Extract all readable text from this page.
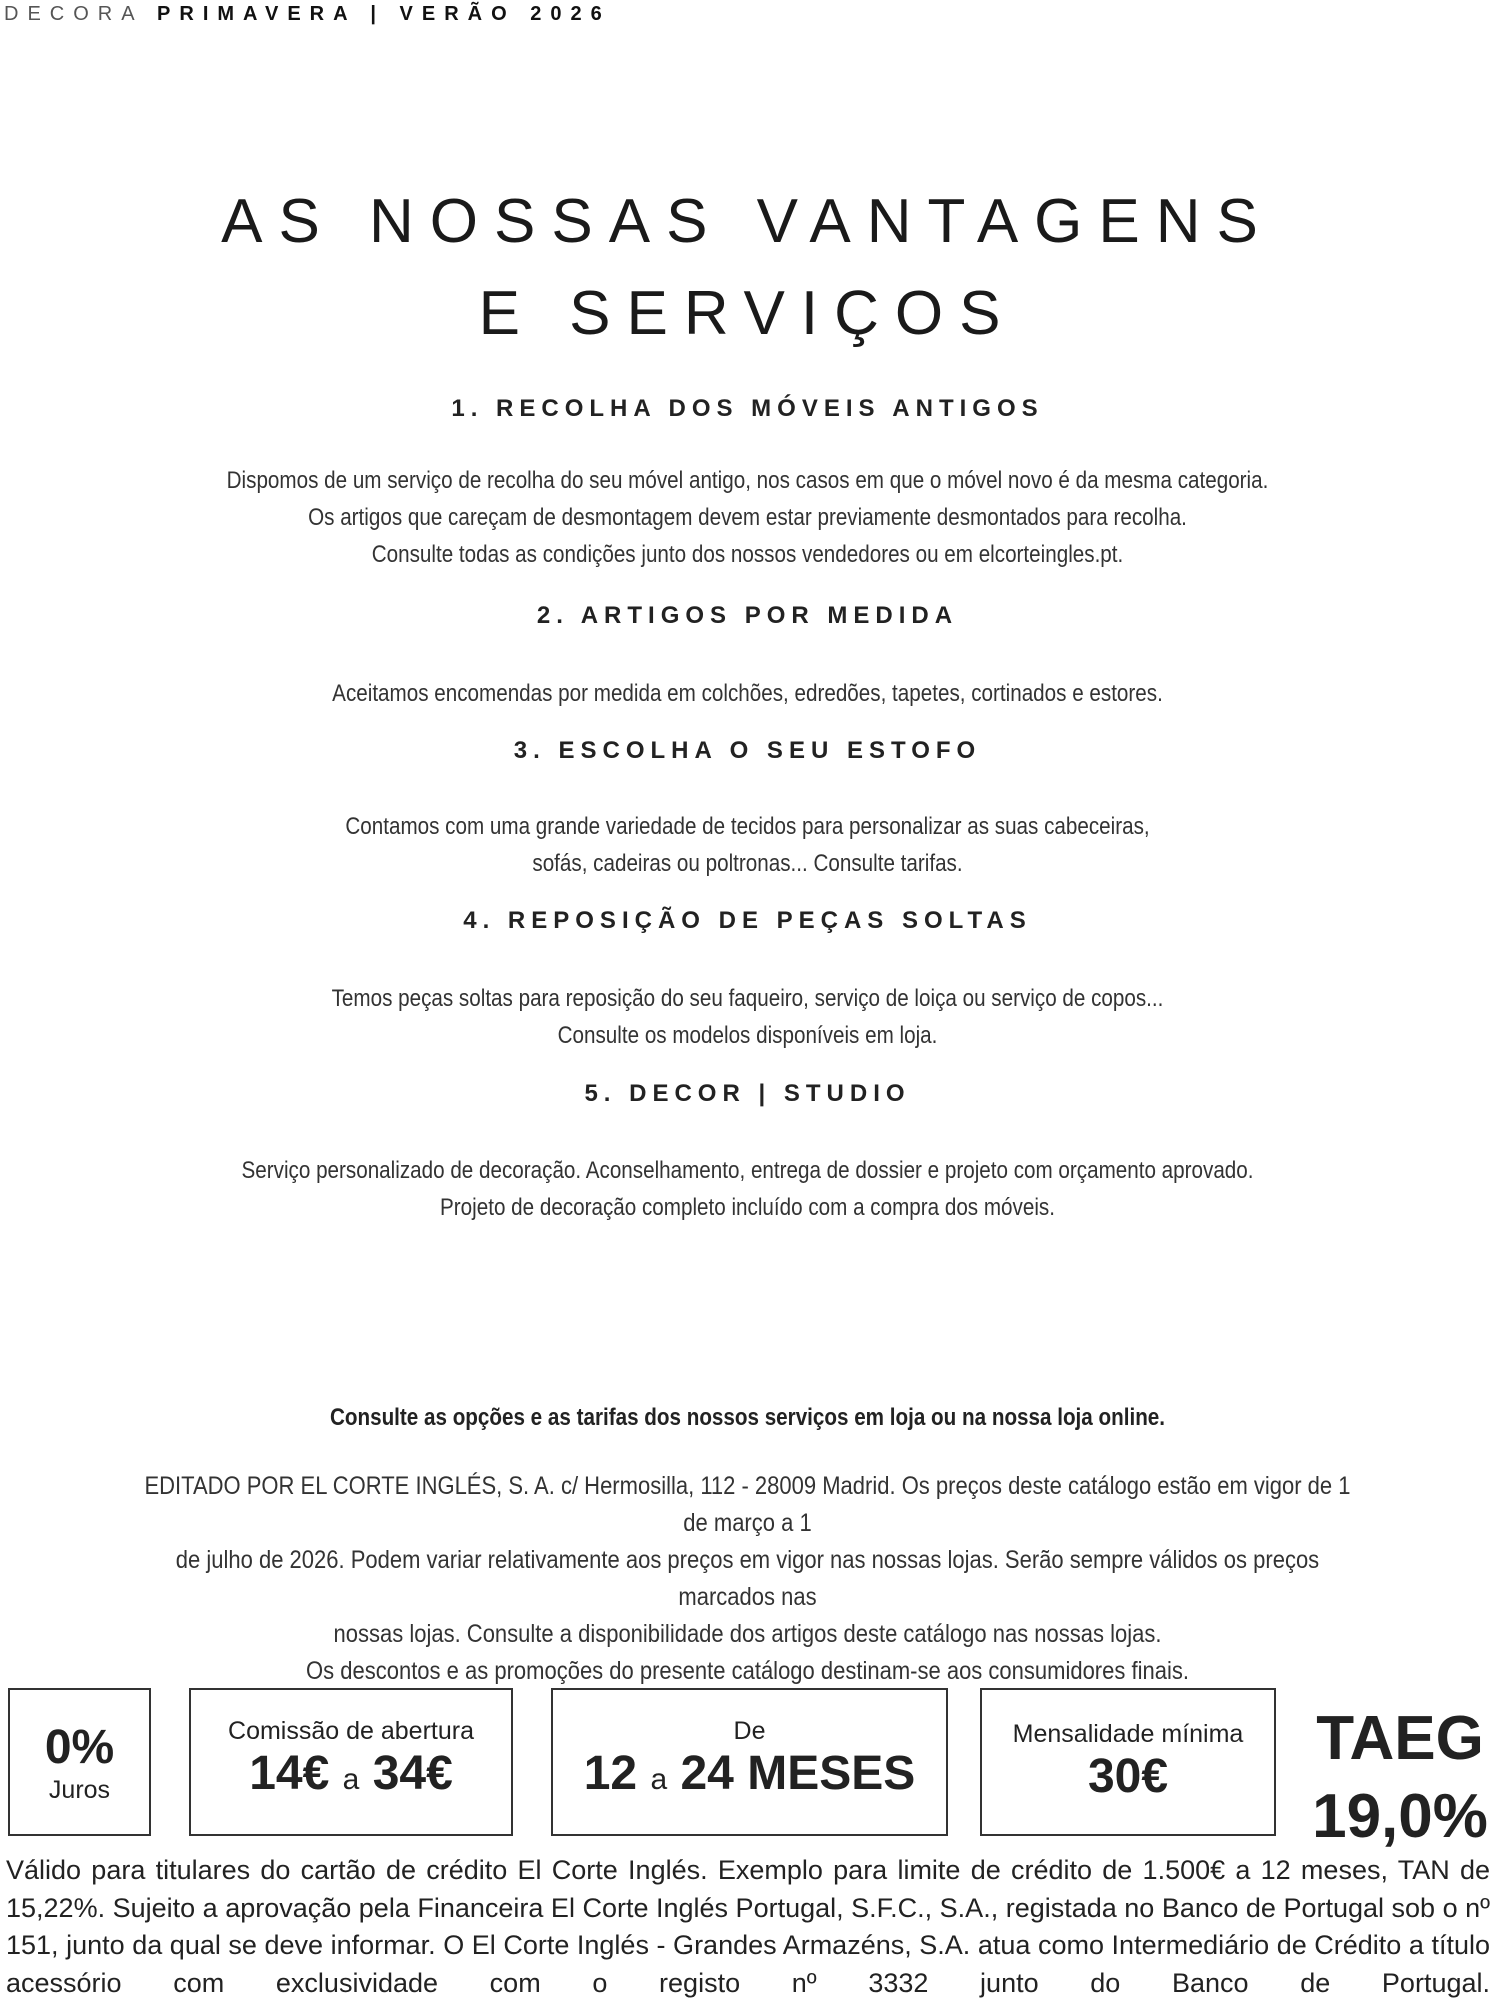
DECORA PRIMAVERA | VERÃO 2026
AS NOSSAS VANTAGENS
E SERVIÇOS
1. RECOLHA DOS MÓVEIS ANTIGOS

Dispomos de um serviço de recolha do seu móvel antigo, nos casos em que o móvel novo é da mesma categoria.

Os artigos que careçam de desmontagem devem estar previamente desmontados para recolha.

Consulte todas as condições junto dos nossos vendedores ou em elcorteingles.pt.

2. ARTIGOS POR MEDIDA

Aceitamos encomendas por medida em colchões, edredões, tapetes, cortinados e estores.

3. ESCOLHA O SEU ESTOFO

Contamos com uma grande variedade de tecidos para personalizar as suas cabeceiras,

sofás, cadeiras ou poltronas... Consulte tarifas.

4. REPOSIÇÃO DE PEÇAS SOLTAS

Temos peças soltas para reposição do seu faqueiro, serviço de loiça ou serviço de copos...

Consulte os modelos disponíveis em loja.

5. DECOR | STUDIO

Serviço personalizado de decoração. Aconselhamento, entrega de dossier e projeto com orçamento aprovado.

Projeto de decoração completo incluído com a compra dos móveis.

Consulte as opções e as tarifas dos nossos serviços em loja ou na nossa loja online.
EDITADO POR EL CORTE INGLÉS, S. A. c/ Hermosilla, 112 - 28009 Madrid. Os preços deste catálogo estão em vigor de 1 de março a 1
de julho de 2026. Podem variar relativamente aos preços em vigor nas nossas lojas. Serão sempre válidos os preços marcados nas
nossas lojas. Consulte a disponibilidade dos artigos deste catálogo nas nossas lojas.
Os descontos e as promoções do presente catálogo destinam-se aos consumidores finais.
0%
Juros
Comissão de abertura
14€ a 34€
De
12 a 24 MESES
Mensalidade mínima
30€
TAEG
19,0%
Válido para titulares do cartão de crédito El Corte Inglés. Exemplo para limite de crédito de 1.500€ a 12 meses, TAN de 15,22%. Sujeito a aprovação pela Financeira El Corte Inglés Portugal, S.F.C., S.A., registada no Banco de Portugal sob o nº 151, junto da qual se deve informar. O El Corte Inglés - Grandes Armazéns, S.A. atua como Intermediário de Crédito a título acessório com exclusividade com o registo nº 3332 junto do Banco de Portugal.
